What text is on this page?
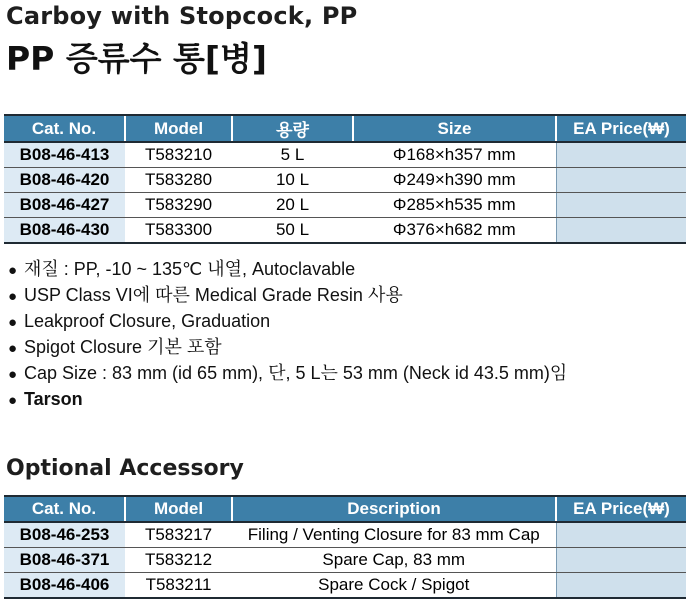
Carboy with Stopcock, PP
PP 증류수 통[병]
Cat. No.	Model	용량	Size	EA Price(₩)
B08-46-413	T583210	5 L	Φ168×h357 mm	
B08-46-420	T583280	10 L	Φ249×h390 mm	
B08-46-427	T583290	20 L	Φ285×h535 mm	
B08-46-430	T583300	50 L	Φ376×h682 mm	
● 재질 : PP, -10 ~ 135℃ 내열, Autoclavable
● USP Class VI에 따른 Medical Grade Resin 사용
● Leakproof Closure, Graduation
● Spigot Closure 기본 포함
● Cap Size : 83 mm (id 65 mm), 단, 5 L는 53 mm (Neck id 43.5 mm)임
● Tarson
Optional Accessory
Cat. No.	Model	Description	EA Price(₩)
B08-46-253	T583217	Filing / Venting Closure for 83 mm Cap	
B08-46-371	T583212	Spare Cap, 83 mm	
B08-46-406	T583211	Spare Cock / Spigot	
